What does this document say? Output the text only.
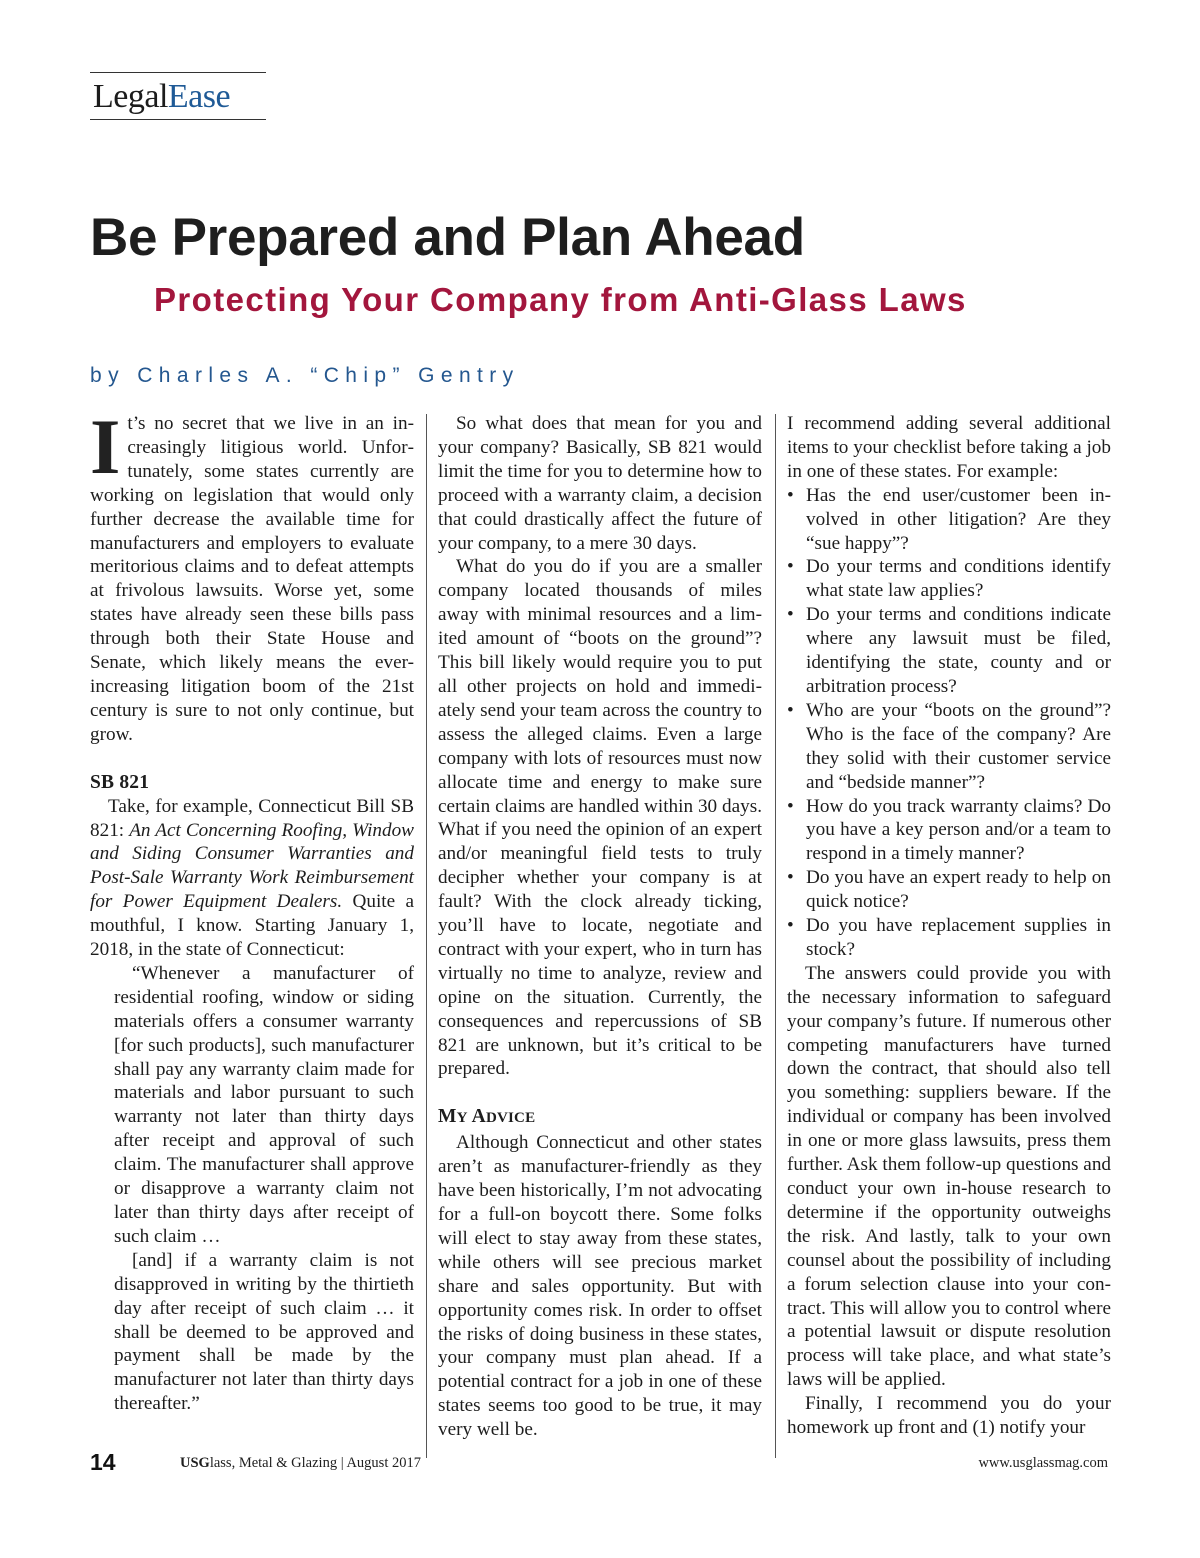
LegalEase
Be Prepared and Plan Ahead
Protecting Your Company from Anti-Glass Laws
by Charles A. “Chip” Gentry

It’s no secret that we live in an increasingly litigious world. Unfortunately, some states currently are working on legislation that would only further decrease the available time for manufacturers and employers to evaluate meritorious claims and to defeat attempts at frivolous lawsuits. Worse yet, some states have already seen these bills pass through both their State House and Senate, which likely means the ever-increasing litigation boom of the 21st century is sure to not only continue, but grow.

SB 821

Take, for example, Connecticut Bill SB 821: An Act Concerning Roofing, Window and Siding Consumer Warranties and Post-Sale Warranty Work Reimbursement for Power Equipment Dealers. Quite a mouthful, I know. Starting January 1, 2018, in the state of Connecticut:

“Whenever a manufacturer of residential roofing, window or siding materials offers a consumer warranty [for such products], such manufacturer shall pay any warranty claim made for materials and labor pursuant to such warranty not later than thirty days after receipt and approval of such claim. The manufacturer shall approve or disapprove a warranty claim not later than thirty days after receipt of such claim …

[and] if a warranty claim is not disapproved in writing by the thirtieth day after receipt of such claim … it shall be deemed to be approved and payment shall be made by the manufacturer not later than thirty days thereafter.”

So what does that mean for you and your company? Basically, SB 821 would limit the time for you to determine how to proceed with a warranty claim, a decision that could drastically affect the future of your company, to a mere 30 days.

What do you do if you are a smaller company located thousands of miles away with minimal resources and a limited amount of “boots on the ground”? This bill likely would require you to put all other projects on hold and immediately send your team across the country to assess the alleged claims. Even a large company with lots of resources must now allocate time and energy to make sure certain claims are handled within 30 days. What if you need the opinion of an expert and/or meaningful field tests to truly decipher whether your company is at fault? With the clock already ticking, you’ll have to locate, negotiate and contract with your expert, who in turn has virtually no time to analyze, review and opine on the situation. Currently, the consequences and repercussions of SB 821 are unknown, but it’s critical to be prepared.

MY ADVICE

Although Connecticut and other states aren’t as manufacturer-friendly as they have been historically, I’m not advocating for a full-on boycott there. Some folks will elect to stay away from these states, while others will see precious market share and sales opportunity. But with opportunity comes risk. In order to offset the risks of doing business in these states, your company must plan ahead. If a potential contract for a job in one of these states seems too good to be true, it may very well be.

I recommend adding several additional items to your checklist before taking a job in one of these states. For example:

• Has the end user/customer been involved in other litigation? Are they “sue happy”?
• Do your terms and conditions identify what state law applies?
• Do your terms and conditions indicate where any lawsuit must be filed, identifying the state, county and or arbitration process?
• Who are your “boots on the ground”? Who is the face of the company? Are they solid with their customer service and “bedside manner”?
• How do you track warranty claims? Do you have a key person and/or a team to respond in a timely manner?
• Do you have an expert ready to help on quick notice?
• Do you have replacement supplies in stock?

The answers could provide you with the necessary information to safeguard your company’s future. If numerous other competing manufacturers have turned down the contract, that should also tell you something: suppliers beware. If the individual or company has been involved in one or more glass lawsuits, press them further. Ask them follow-up questions and conduct your own in-house research to determine if the opportunity outweighs the risk. And lastly, talk to your own counsel about the possibility of including a forum selection clause into your contract. This will allow you to control where a potential lawsuit or dispute resolution process will take place, and what state’s laws will be applied.

Finally, I recommend you do your homework up front and (1) notify your

14	USGlass, Metal & Glazing | August 2017	www.usglassmag.com
